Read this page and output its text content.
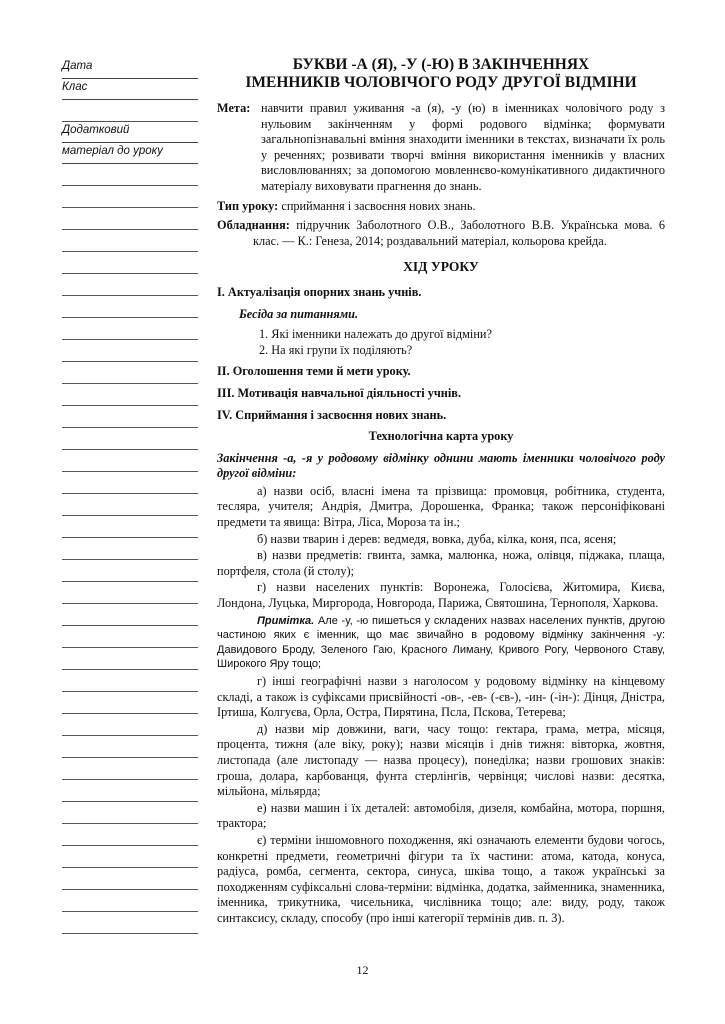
Дата
Клас
Додатковий
матеріал до уроку
БУКВИ -А (Я), -У (-Ю) В ЗАКІНЧЕННЯХ
ІМЕННИКІВ ЧОЛОВІЧОГО РОДУ ДРУГОЇ ВІДМІНИ
Мета: навчити правил уживання -а (я), -у (ю) в іменниках чоловічого роду з нульовим закінченням у формі родового відмінка; формувати загальнопізнавальні вміння знаходити іменники в текстах, визначати їх роль у реченнях; розвивати творчі вміння використання іменників у власних висловлюваннях; за допомогою мовленнєво-комунікативного дидактичного матеріалу виховувати прагнення до знань.
Тип уроку: сприймання і засвоєння нових знань.
Обладнання: підручник Заболотного О.В., Заболотного В.В. Українська мова. 6 клас. — К.: Генеза, 2014; роздавальний матеріал, кольорова крейда.
ХІД УРОКУ
І. Актуалізація опорних знань учнів.
Бесіда за питаннями.
1. Які іменники належать до другої відміни?
2. На які групи їх поділяють?
ІІ. Оголошення теми й мети уроку.
ІІІ. Мотивація навчальної діяльності учнів.
IV. Сприймання і засвоєння нових знань.
Технологічна карта уроку
Закінчення -а, -я у родовому відмінку однини мають іменники чоловічого роду другої відміни:
а) назви осіб, власні імена та прізвища: промовця, робітника, студента, тесляра, учителя; Андрія, Дмитра, Дорошенка, Франка; також персоніфіковані предмети та явища: Вітра, Ліса, Мороза та ін.;
б) назви тварин і дерев: ведмедя, вовка, дуба, кілка, коня, пса, ясеня;
в) назви предметів: гвинта, замка, малюнка, ножа, олівця, піджака, плаща, портфеля, стола (й столу);
г) назви населених пунктів: Воронежа, Голосієва, Житомира, Києва, Лондона, Луцька, Миргорода, Новгорода, Парижа, Святошина, Тернополя, Харкова.
Примітка. Але -у, -ю пишеться у складених назвах населених пунктів, другою частиною яких є іменник, що має звичайно в родовому відмінку закінчення -у: Давидового Броду, Зеленого Гаю, Красного Лиману, Кривого Рогу, Червоного Ставу, Широкого Яру тощо;
г) інші географічні назви з наголосом у родовому відмінку на кінцевому складі, а також із суфіксами присвійності -ов-, -ев- (-єв-), -ин- (-ін-): Дінця, Дністра, Іртиша, Колгуєва, Орла, Остра, Пирятина, Псла, Пскова, Тетерева;
д) назви мір довжини, ваги, часу тощо: гектара, грама, метра, місяця, процента, тижня (але віку, року); назви місяців і днів тижня: вівторка, жовтня, листопада (але листопаду — назва процесу), понеділка; назви грошових знаків: гроша, долара, карбованця, фунта стерлінгів, червінця; числові назви: десятка, мільйона, мільярда;
е) назви машин і їх деталей: автомобіля, дизеля, комбайна, мотора, поршня, трактора;
є) терміни іншомовного походження, які означають елементи будови чогось, конкретні предмети, геометричні фігури та їх частини: атома, катода, конуса, радіуса, ромба, сегмента, сектора, синуса, шківа тощо, а також українські за походженням суфіксальні слова-терміни: відмінка, додатка, займенника, знаменника, іменника, трикутника, чисельника, числівника тощо; але: виду, роду, також синтаксису, складу, способу (про інші категорії термінів див. п. 3).
12
